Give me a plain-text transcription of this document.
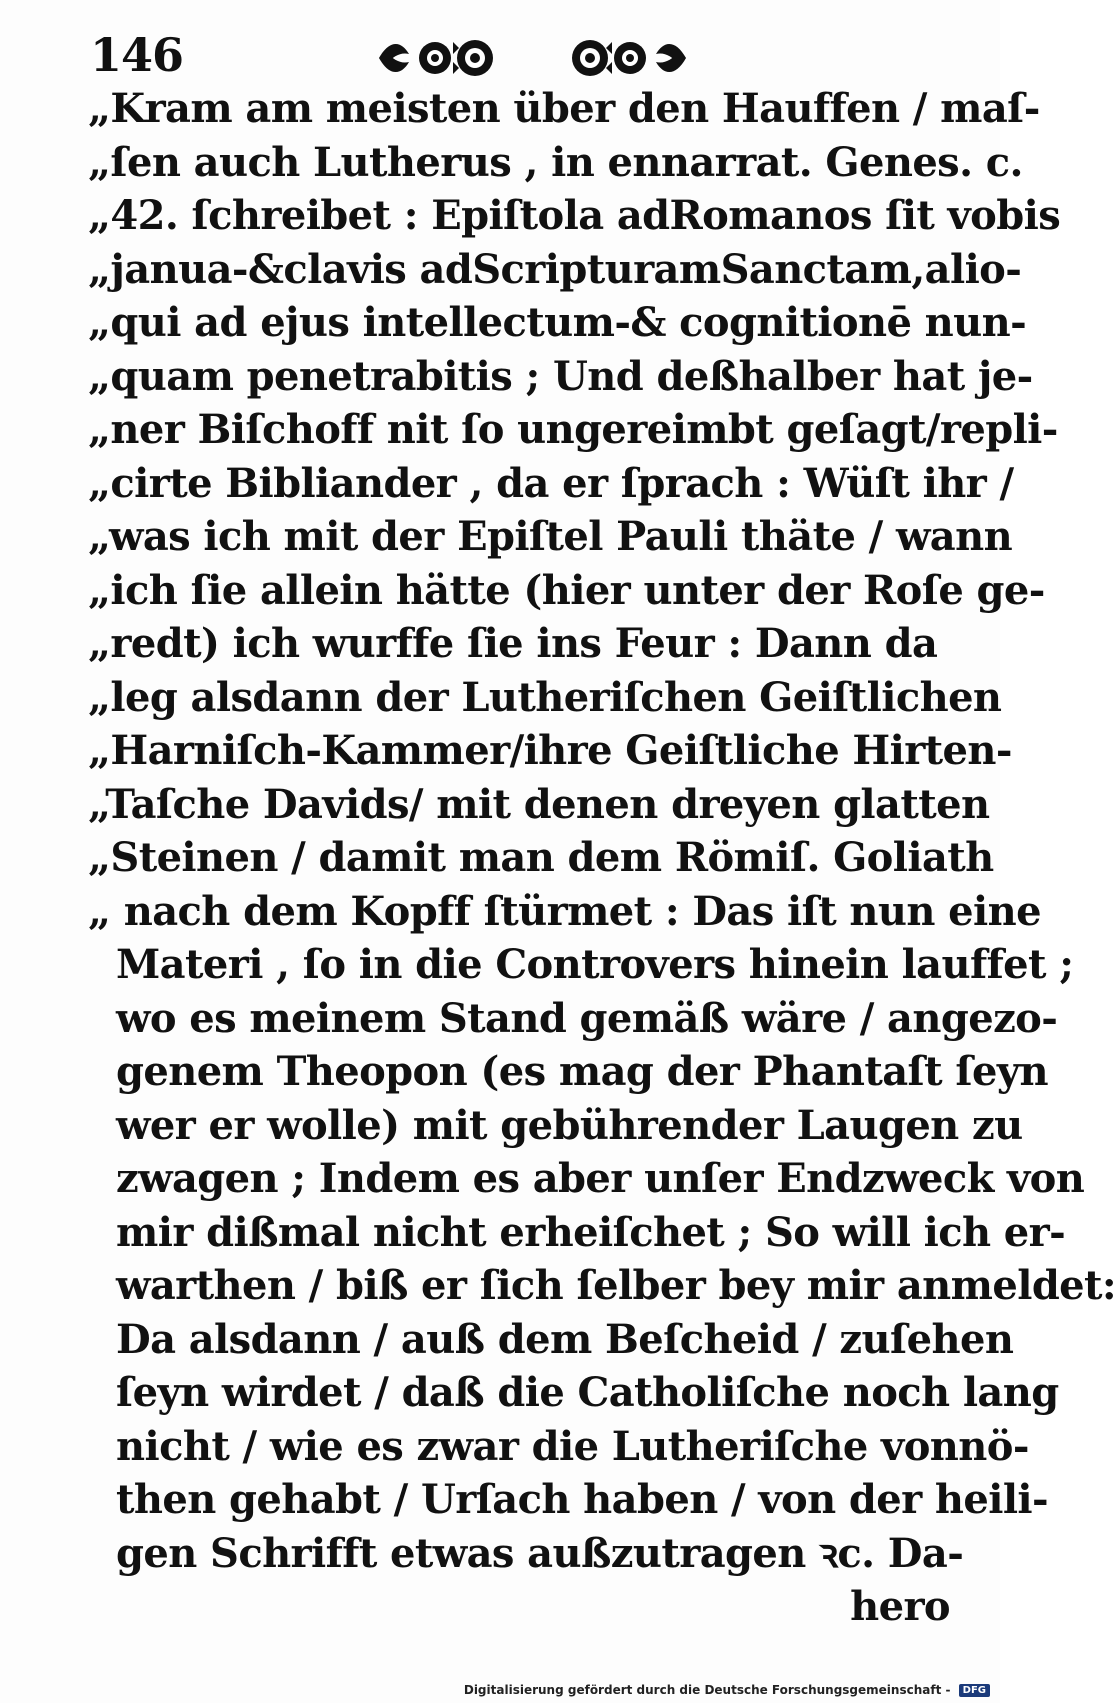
146
„Kram am meisten über den Hauffen / maſ-
„ſen auch Lutherus , in ennarrat. Genes. c.
„42. ſchreibet : Epiſtola adRomanos ſit vobis
„janua-&clavis adScripturamSanctam,alio-
„qui ad ejus intellectum-& cognitionē nun-
„quam penetrabitis ; Und deßhalber hat je-
„ner Biſchoff nit ſo ungereimbt geſagt/repli-
„cirte Bibliander , da er ſprach : Wüſt ihr /
„was ich mit der Epiſtel Pauli thäte / wann
„ich ſie allein hätte (hier unter der Roſe ge-
„redt) ich wurffe ſie ins Feur : Dann da
„leg alsdann der Lutheriſchen Geiſtlichen
„Harniſch-Kammer/ihre Geiſtliche Hirten-
„Taſche Davids/ mit denen dreyen glatten
„Steinen / damit man dem Römiſ. Goliath
„ nach dem Kopff ſtürmet : Das iſt nun eine
Materi , ſo in die Controvers hinein lauffet ;
wo es meinem Stand gemäß wäre / angezo-
genem Theopon (es mag der Phantaſt ſeyn
wer er wolle) mit gebührender Laugen zu
zwagen ; Indem es aber unſer Endzweck von
mir dißmal nicht erheiſchet ; So will ich er-
warthen / biß er ſich ſelber bey mir anmeldet:
Da alsdann / auß dem Beſcheid / zuſehen
ſeyn wirdet / daß die Catholiſche noch lang
nicht / wie es zwar die Lutheriſche vonnö-
then gehabt / Urſach haben / von der heili-
gen Schrifft etwas außzutragen ꝛc. Da-
hero
Digitalisierung gefördert durch die Deutsche Forschungsgemeinschaft - DFG
